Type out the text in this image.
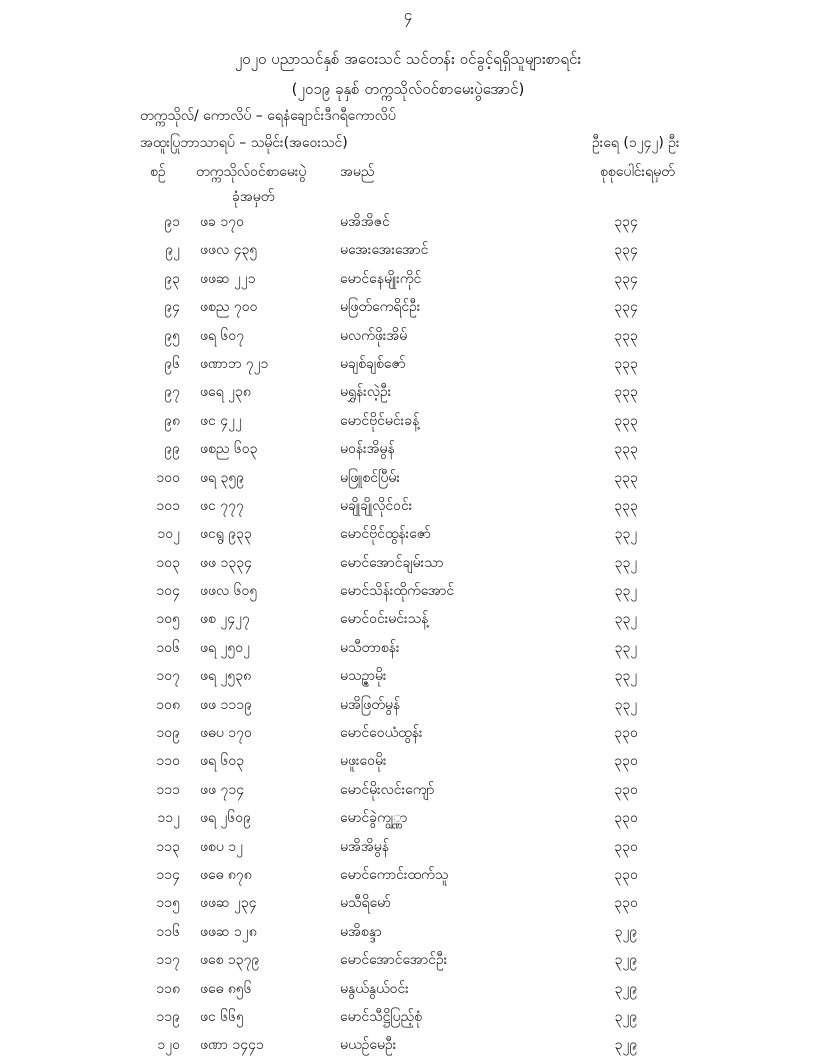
၄
၂၀၂၀ ပညာသင်နှစ် အဝေးသင် သင်တန်း ဝင်ခွင့်ရရှိသူများစာရင်း
(၂၀၁၉ ခုနှစ် တက္ကသိုလ်ဝင်စာမေးပွဲအောင်)
တက္ကသိုလ်/ ကောလိပ် – ရေနံချောင်းဒီဂရီကောလိပ်
အထူးပြုဘာသာရပ် – သမိုင်း(အဝေးသင်)	ဦးရေ (၁၂၄၂) ဦး
စဉ် တက္ကသိုလ်ဝင်စာမေးပွဲ
ခုံအမှတ်
အမည်	စုစုပေါင်းရမှတ်
၉၁ ဖခ ၁၇၀	မအိအိဇင်	၃၃၄
၉၂ ဖဖလ ၄၃၅	မအေးအေးအောင်	၃၃၄
၉၃ ဖဖဆ ၂၂၁	မောင်နေမျိုးကိုင်	၃၃၄
၉၄ ဖစည ၇၀၀	မဖြတ်ကေရိင်ဦး	၃၃၄
၉၅ ဖရ ၆၀၇	မလက်ဖိုးအိမ်	၃၃၃
၉၆ ဖဏာဘ ၇၂၁	မချစ်ချစ်ဇော်	၃၃၃
၉၇ ဖရေ ၂၃၈	မရွှန်းလဲ့ဦး	၃၃၃
၉၈ ဖင ၄၂၂	မောင်ဗိုင်မင်းခန့်	၃၃၃
၉၉ ဖစည ၆၀၃	မဝန်းအိမွန်	၃၃၃
၁၀၀ ဖရ ၃၅၉	မဖြူစင်ပြီမ်း	၃၃၃
၁၀၁ ဖင ၇၇၇	မချိုချိုလိုင်ဝင်း	၃၃၃
၁၀၂ ဖငရွ ၉၃၃	မောင်ဗိုင်ထွန်းဇော်	၃၃၂
၁၀၃ ဖဖ ၁၃၃၄	မောင်အောင်ချမ်းသာ	၃၃၂
၁၀၄ ဖဖလ ၆၀၅	မောင်သိန်းထိုက်အောင်	၃၃၂
၁၀၅ ဖစ ၂၄၂၇	မောင်ဝင်းမင်းသန့်	၃၃၂
၁၀၆ ဖရ ၂၅၀၂	မသီတာစန်း	၃၃၂
၁၀၇ ဖရ ၂၅၃၈	မသဉ္ဇာမိုး	၃၃၂
၁၀၈ ဖဖ ၁၁၁၉	မအိဖြတ်မွန်	၃၃၂
၁၀၉ ဖဓပ ၁၇၀	မောင်ဝေယံထွန်း	၃၃၀
၁၁၀ ဖရ ၆၀၃	မဖူးဝေမိုး	၃၃၀
၁၁၁ ဖဖ ၇၁၄	မောင်မိုးလင်းကျော်	၃၃၀
၁၁၂ ဖရ ၂၆၀၉	မောင်ခွဲကျွ္ဏာ	၃၃၀
၁၁၃ ဖစပ ၁၂	မအိအိမွန်	၃၃၀
၁၁၄ ဖဓေ ၈၇၈	မောင်ကောင်းထက်သူ	၃၃၀
၁၁၅ ဖဖဆ ၂၃၄	မသီရိမော်	၃၃၀
၁၁၆ ဖဖဆ ၁၂၈	မအိစန္ဒာ	၃၂၉
၁၁၇ ဖစေ ၁၃၇၉	မောင်အောင်အောင်ဦး	၃၂၉
၁၁၈ ဖဓေ ၈၅၆	မနွယ်နွယ်ဝင်း	၃၂၉
၁၁၉ ဖင ၆၆၅	မောင်သီဋ္ဌိပြည့်စုံ	၃၂၉
၁၂၀ ဖဏာ ၁၄၄၁	မယဉ်မေဦး	၃၂၉
